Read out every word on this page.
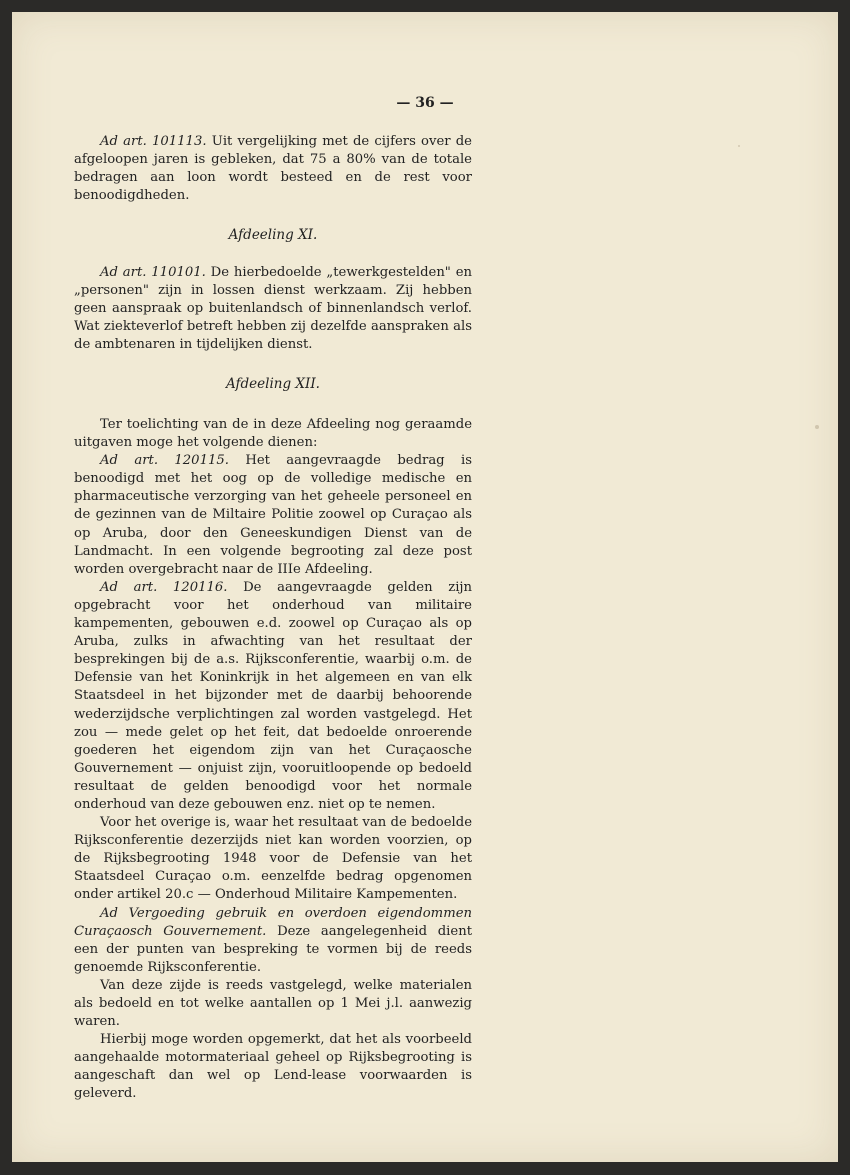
— 36 —

Ad art. 101113. Uit vergelijking met de cijfers over de afgeloopen jaren is gebleken, dat 75 a 80% van de totale bedragen aan loon wordt besteed en de rest voor benoodigdheden.

Afdeeling XI.

Ad art. 110101. De hierbedoelde „tewerkgestelden" en „personen" zijn in lossen dienst werkzaam. Zij hebben geen aanspraak op buitenlandsch of binnenlandsch verlof. Wat ziekteverlof betreft hebben zij dezelfde aanspraken als de ambtenaren in tijdelijken dienst.

Afdeeling XII.

Ter toelichting van de in deze Afdeeling nog geraamde uitgaven moge het volgende dienen:

Ad art. 120115. Het aangevraagde bedrag is benoodigd met het oog op de volledige medische en pharmaceutische verzorging van het geheele personeel en de gezinnen van de Miltaire Politie zoowel op Curaçao als op Aruba, door den Geneeskundigen Dienst van de Landmacht. In een volgende begrooting zal deze post worden overgebracht naar de IIIe Afdeeling.

Ad art. 120116. De aangevraagde gelden zijn opgebracht voor het onderhoud van militaire kampementen, gebouwen e.d. zoowel op Curaçao als op Aruba, zulks in afwachting van het resultaat der besprekingen bij de a.s. Rijksconferentie, waarbij o.m. de Defensie van het Koninkrijk in het algemeen en van elk Staatsdeel in het bijzonder met de daarbij behoorende wederzijdsche verplichtingen zal worden vastgelegd. Het zou — mede gelet op het feit, dat bedoelde onroerende goederen het eigendom zijn van het Curaçaosche Gouvernement — onjuist zijn, vooruitloopende op bedoeld resultaat de gelden benoodigd voor het normale onderhoud van deze gebouwen enz. niet op te nemen.

Voor het overige is, waar het resultaat van de bedoelde Rijksconferentie dezerzijds niet kan worden voorzien, op de Rijksbegrooting 1948 voor de Defensie van het Staatsdeel Curaçao o.m. eenzelfde bedrag opgenomen onder artikel 20.c — Onderhoud Militaire Kampementen.

Ad Vergoeding gebruik en overdoen eigendommen Curaçaosch Gouvernement. Deze aangelegenheid dient een der punten van bespreking te vormen bij de reeds genoemde Rijksconferentie.

Van deze zijde is reeds vastgelegd, welke materialen als bedoeld en tot welke aantallen op 1 Mei j.l. aanwezig waren.

Hierbij moge worden opgemerkt, dat het als voorbeeld aangehaalde motormateriaal geheel op Rijksbegrooting is aangeschaft dan wel op Lend-lease voorwaarden is geleverd.
